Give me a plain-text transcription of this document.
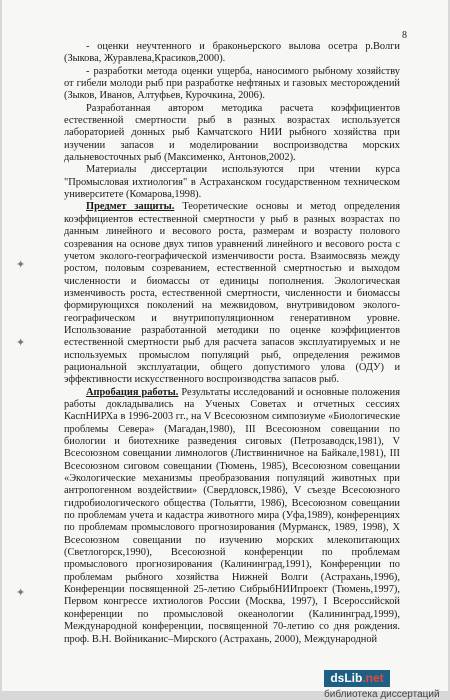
8
✦
✦
✦

- оценки неучтенного и браконьерского вылова осетра р.Волги (Зыкова, Журавлева,Красиков,2000).

- разработки метода оценки ущерба, наносимого рыбному хозяйству от гибели молоди рыб при разработке нефтяных и газовых месторождений (Зыков, Иванов, Алтуфьев, Курочкина, 2006).

Разработанная автором методика расчета коэффициентов естественной смертности рыб в разных возрастах используется лабораторией донных рыб Камчатского НИИ рыбного хозяйства при изучении запасов и моделировании воспроизводства морских дальневосточных рыб (Максименко, Антонов,2002).

Материалы диссертации используются при чтении курса "Промысловая ихтиология" в Астраханском государственном техническом университете (Комарова,1998).

Предмет защиты. Теоретические основы и метод определения коэффициентов естественной смертности у рыб в разных возрастах по данным линейного и весового роста, размерам и возрасту полового созревания на основе двух типов уравнений линейного и весового роста с учетом эколого-географической изменчивости роста. Взаимосвязь между ростом, половым созреванием, естественной смертностью и выходом численности и биомассы от единицы пополнения. Экологическая изменчивость роста, естественной смертности, численности и биомассы формирующихся поколений на межвидовом, внутривидовом эколого-географическом и внутрипопуляционном генеративном уровне. Использование разработанной методики по оценке коэффициентов естественной смертности рыб для расчета запасов эксплуатируемых и не используемых промыслом популяций рыб, определения режимов рациональной эксплуатации, общего допустимого улова (ОДУ) и эффективности искусственного воспроизводства запасов рыб.

Апробация работы. Результаты исследований и основные положения работы докладывались на Ученых Советах и отчетных сессиях КаспНИРХа в 1996-2003 гг., на V Всесоюзном симпозиуме «Биологические проблемы Севера» (Магадан,1980), III Всесоюзном совещании по биологии и биотехнике разведения сиговых (Петрозаводск,1981), V Всесоюзном совещании лимнологов (Листвинничное на Байкале,1981), III Всесоюзном сиговом совещании (Тюмень, 1985), Всесоюзном совещании «Экологические механизмы преобразования популяций животных при антропогенном воздействии» (Свердловск,1986), V съезде Всесоюзного гидробиологического общества (Тольятти, 1986), Всесоюзном совещании по проблемам учета и кадастра животного мира (Уфа,1989), конференциях по проблемам промыслового прогнозирования (Мурманск, 1989, 1998), X Всесоюзном совещании по изучению морских млекопитающих (Светлогорск,1990), Всесоюзной конференции по проблемам промыслового прогнозирования (Калининград,1991), Конференции по проблемам рыбного хозяйства Нижней Волги (Астрахань,1996), Конференции посвященной 25-летию СибрыбНИИпроект (Тюмень,1997), Первом конгрессе ихтиологов России (Москва, 1997), I Всероссийской конференции по промысловой океанологии (Калининград,1999), Международной конференции, посвященной 70-летию со дня рождения. проф. В.Н. Войниканис–Мирского (Астрахань, 2000), Международной

dsLib.net
библиотека диссертаций
